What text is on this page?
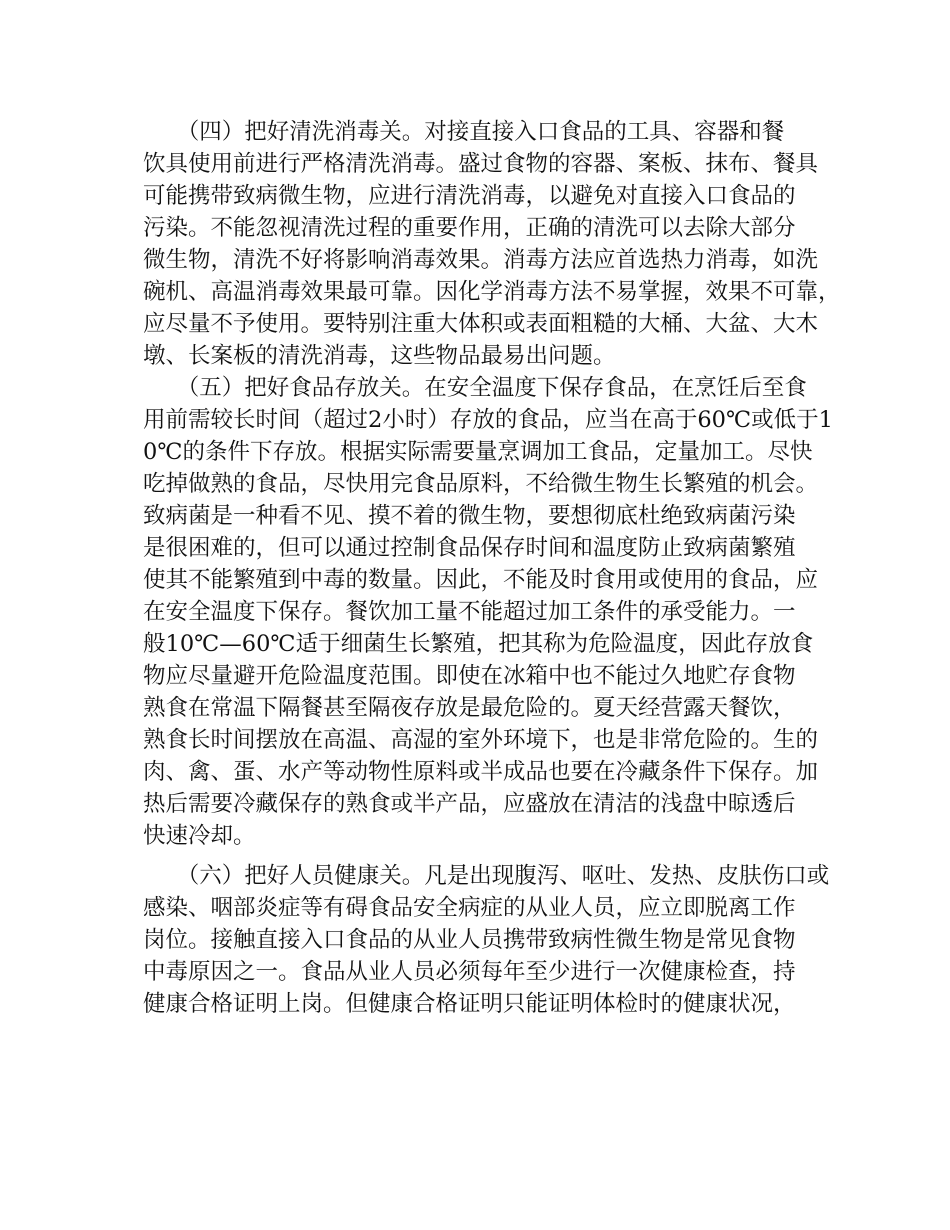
　　（四）把好清洗消毒关。对接直接入口食品的工具、容器和餐
饮具使用前进行严格清洗消毒。盛过食物的容器、案板、抹布、餐具
可能携带致病微生物，应进行清洗消毒，以避免对直接入口食品的
污染。不能忽视清洗过程的重要作用，正确的清洗可以去除大部分
微生物，清洗不好将影响消毒效果。消毒方法应首选热力消毒，如洗
碗机、高温消毒效果最可靠。因化学消毒方法不易掌握，效果不可靠，
应尽量不予使用。要特别注重大体积或表面粗糙的大桶、大盆、大木
墩、长案板的清洗消毒，这些物品最易出问题。
　　（五）把好食品存放关。在安全温度下保存食品，在烹饪后至食
用前需较长时间（超过2小时）存放的食品，应当在高于60℃或低于1
0℃的条件下存放。根据实际需要量烹调加工食品，定量加工。尽快
吃掉做熟的食品，尽快用完食品原料，不给微生物生长繁殖的机会。
致病菌是一种看不见、摸不着的微生物，要想彻底杜绝致病菌污染
是很困难的，但可以通过控制食品保存时间和温度防止致病菌繁殖
使其不能繁殖到中毒的数量。因此，不能及时食用或使用的食品，应
在安全温度下保存。餐饮加工量不能超过加工条件的承受能力。一
般10℃—60℃适于细菌生长繁殖，把其称为危险温度，因此存放食
物应尽量避开危险温度范围。即使在冰箱中也不能过久地贮存食物
熟食在常温下隔餐甚至隔夜存放是最危险的。夏天经营露天餐饮，
熟食长时间摆放在高温、高湿的室外环境下，也是非常危险的。生的
肉、禽、蛋、水产等动物性原料或半成品也要在冷藏条件下保存。加
热后需要冷藏保存的熟食或半产品，应盛放在清洁的浅盘中晾透后
快速冷却。
　　（六）把好人员健康关。凡是出现腹泻、呕吐、发热、皮肤伤口或
感染、咽部炎症等有碍食品安全病症的从业人员，应立即脱离工作
岗位。接触直接入口食品的从业人员携带致病性微生物是常见食物
中毒原因之一。食品从业人员必须每年至少进行一次健康检查，持
健康合格证明上岗。但健康合格证明只能证明体检时的健康状况，
